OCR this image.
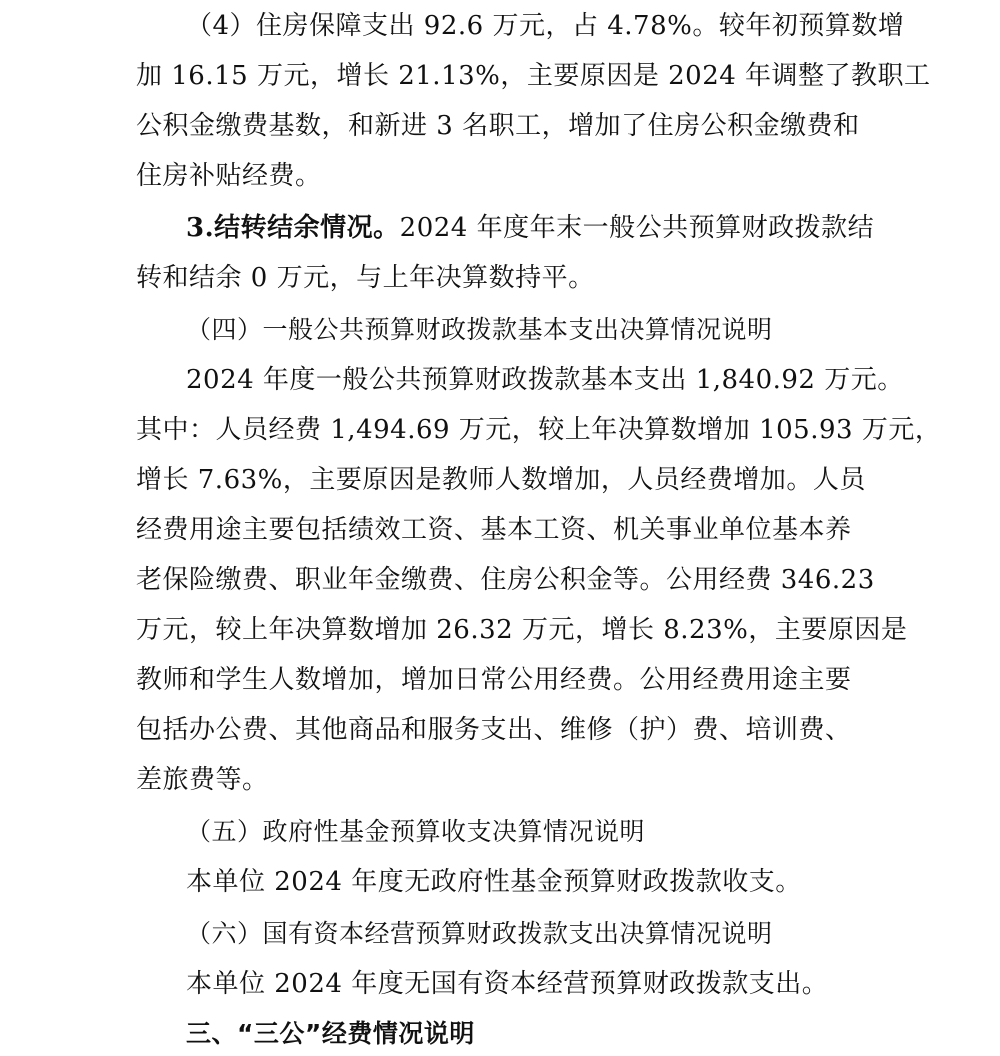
（4）住房保障支出 92.6 万元，占 4.78%。较年初预算数增
加 16.15 万元，增长 21.13%，主要原因是 2024 年调整了教职工
公积金缴费基数，和新进 3 名职工，增加了住房公积金缴费和
住房补贴经费。
3.结转结余情况。2024 年度年末一般公共预算财政拨款结
转和结余 0 万元，与上年决算数持平。
（四）一般公共预算财政拨款基本支出决算情况说明
2024 年度一般公共预算财政拨款基本支出 1,840.92 万元。
其中：人员经费 1,494.69 万元，较上年决算数增加 105.93 万元，
增长 7.63%，主要原因是教师人数增加，人员经费增加。人员
经费用途主要包括绩效工资、基本工资、机关事业单位基本养
老保险缴费、职业年金缴费、住房公积金等。公用经费 346.23
万元，较上年决算数增加 26.32 万元，增长 8.23%，主要原因是
教师和学生人数增加，增加日常公用经费。公用经费用途主要
包括办公费、其他商品和服务支出、维修（护）费、培训费、
差旅费等。
（五）政府性基金预算收支决算情况说明
本单位 2024 年度无政府性基金预算财政拨款收支。
（六）国有资本经营预算财政拨款支出决算情况说明
本单位 2024 年度无国有资本经营预算财政拨款支出。
三、“三公”经费情况说明
